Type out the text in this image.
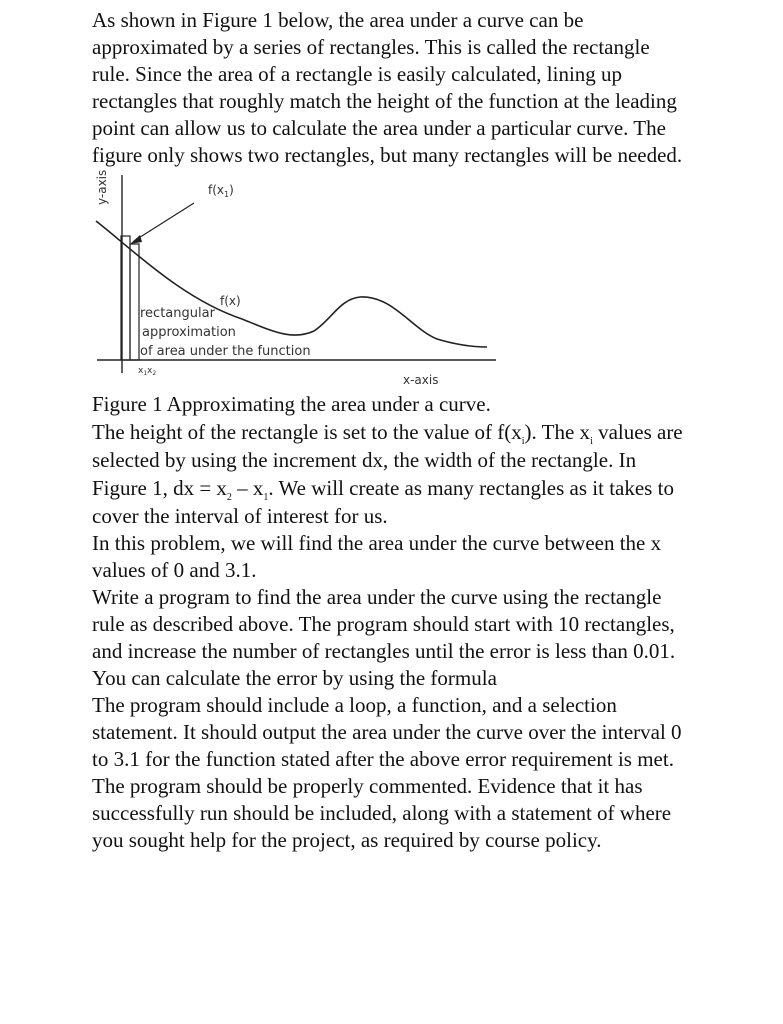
As shown in Figure 1 below, the area under a curve can be approximated by a series of rectangles. This is called the rectangle rule. Since the area of a rectangle is easily calculated, lining up rectangles that roughly match the height of the function at the leading point can allow us to calculate the area under a particular curve. The figure only shows two rectangles, but many rectangles will be needed.

y-axis	$f(x_1)$
f(x)
rectangular
approximation
of area under the function
$x_1$ $x_2$	x-axis

Figure 1 Approximating the area under a curve.

The height of the rectangle is set to the value of $f(x_i)$. The $x_i$ values are selected by using the increment dx, the width of the rectangle. In Figure 1, dx = $x_2 - x_1$. We will create as many rectangles as it takes to cover the interval of interest for us.

In this problem, we will find the area under the curve between the x values of 0 and 3.1.

Write a program to find the area under the curve using the rectangle rule as described above. The program should start with 10 rectangles, and increase the number of rectangles until the error is less than 0.01. You can calculate the error by using the formula

The program should include a loop, a function, and a selection statement. It should output the area under the curve over the interval 0 to 3.1 for the function stated after the above error requirement is met.

The program should be properly commented. Evidence that it has successfully run should be included, along with a statement of where you sought help for the project, as required by course policy.
